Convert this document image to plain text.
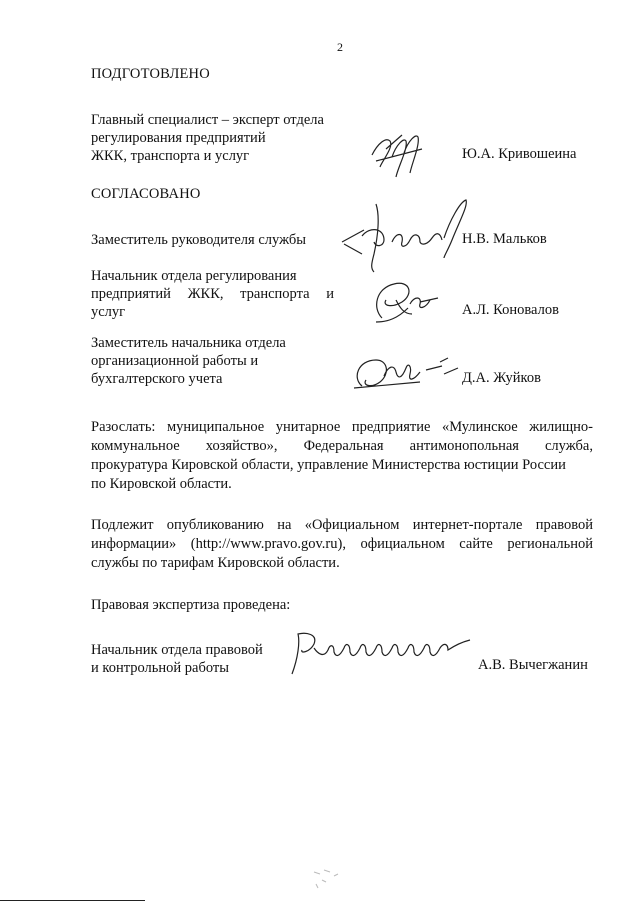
2
ПОДГОТОВЛЕНО
Главный специалист – эксперт отдела
регулирования предприятий
ЖКК, транспорта и услуг	Ю.А. Кривошеина
СОГЛАСОВАНО
Заместитель руководителя службы	Н.В. Мальков
Начальник отдела регулирования
предприятий ЖКК, транспорта и
услуг	А.Л. Коновалов
Заместитель начальника отдела
организационной работы и
бухгалтерского учета	Д.А. Жуйков
Разослать: муниципальное унитарное предприятие «Мулинское жилищно-
коммунальное хозяйство», Федеральная антимонопольная служба,
прокуратура Кировской области, управление Министерства юстиции России
по Кировской области.
Подлежит опубликованию на «Официальном интернет-портале правовой
информации» (http://www.pravo.gov.ru), официальном сайте региональной
службы по тарифам Кировской области.
Правовая экспертиза проведена:
Начальник отдела правовой
и контрольной работы	А.В. Вычегжанин
